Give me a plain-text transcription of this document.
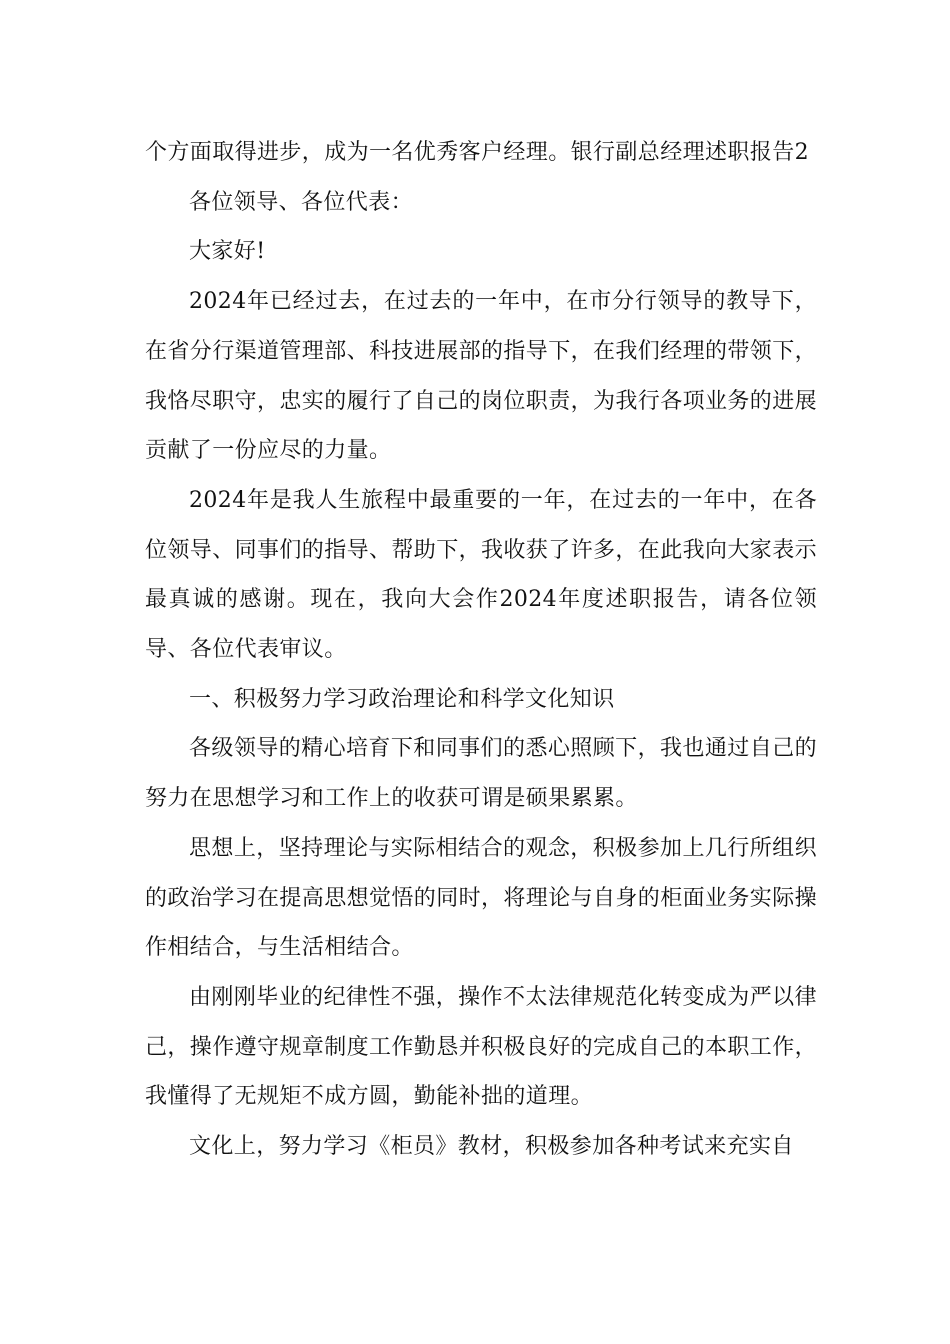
个方面取得进步，成为一名优秀客户经理。银行副总经理述职报告2

各位领导、各位代表：

大家好!

2024年已经过去，在过去的一年中，在市分行领导的教导下，在省分行渠道管理部、科技进展部的指导下，在我们经理的带领下，我恪尽职守，忠实的履行了自己的岗位职责，为我行各项业务的进展贡献了一份应尽的力量。

2024年是我人生旅程中最重要的一年，在过去的一年中，在各位领导、同事们的指导、帮助下，我收获了许多，在此我向大家表示最真诚的感谢。现在，我向大会作2024年度述职报告，请各位领导、各位代表审议。

一、积极努力学习政治理论和科学文化知识

各级领导的精心培育下和同事们的悉心照顾下，我也通过自己的努力在思想学习和工作上的收获可谓是硕果累累。

思想上，坚持理论与实际相结合的观念，积极参加上几行所组织的政治学习在提高思想觉悟的同时，将理论与自身的柜面业务实际操作相结合，与生活相结合。

由刚刚毕业的纪律性不强，操作不太法律规范化转变成为严以律己，操作遵守规章制度工作勤恳并积极良好的完成自己的本职工作，我懂得了无规矩不成方圆，勤能补拙的道理。

文化上，努力学习《柜员》教材，积极参加各种考试来充实自
